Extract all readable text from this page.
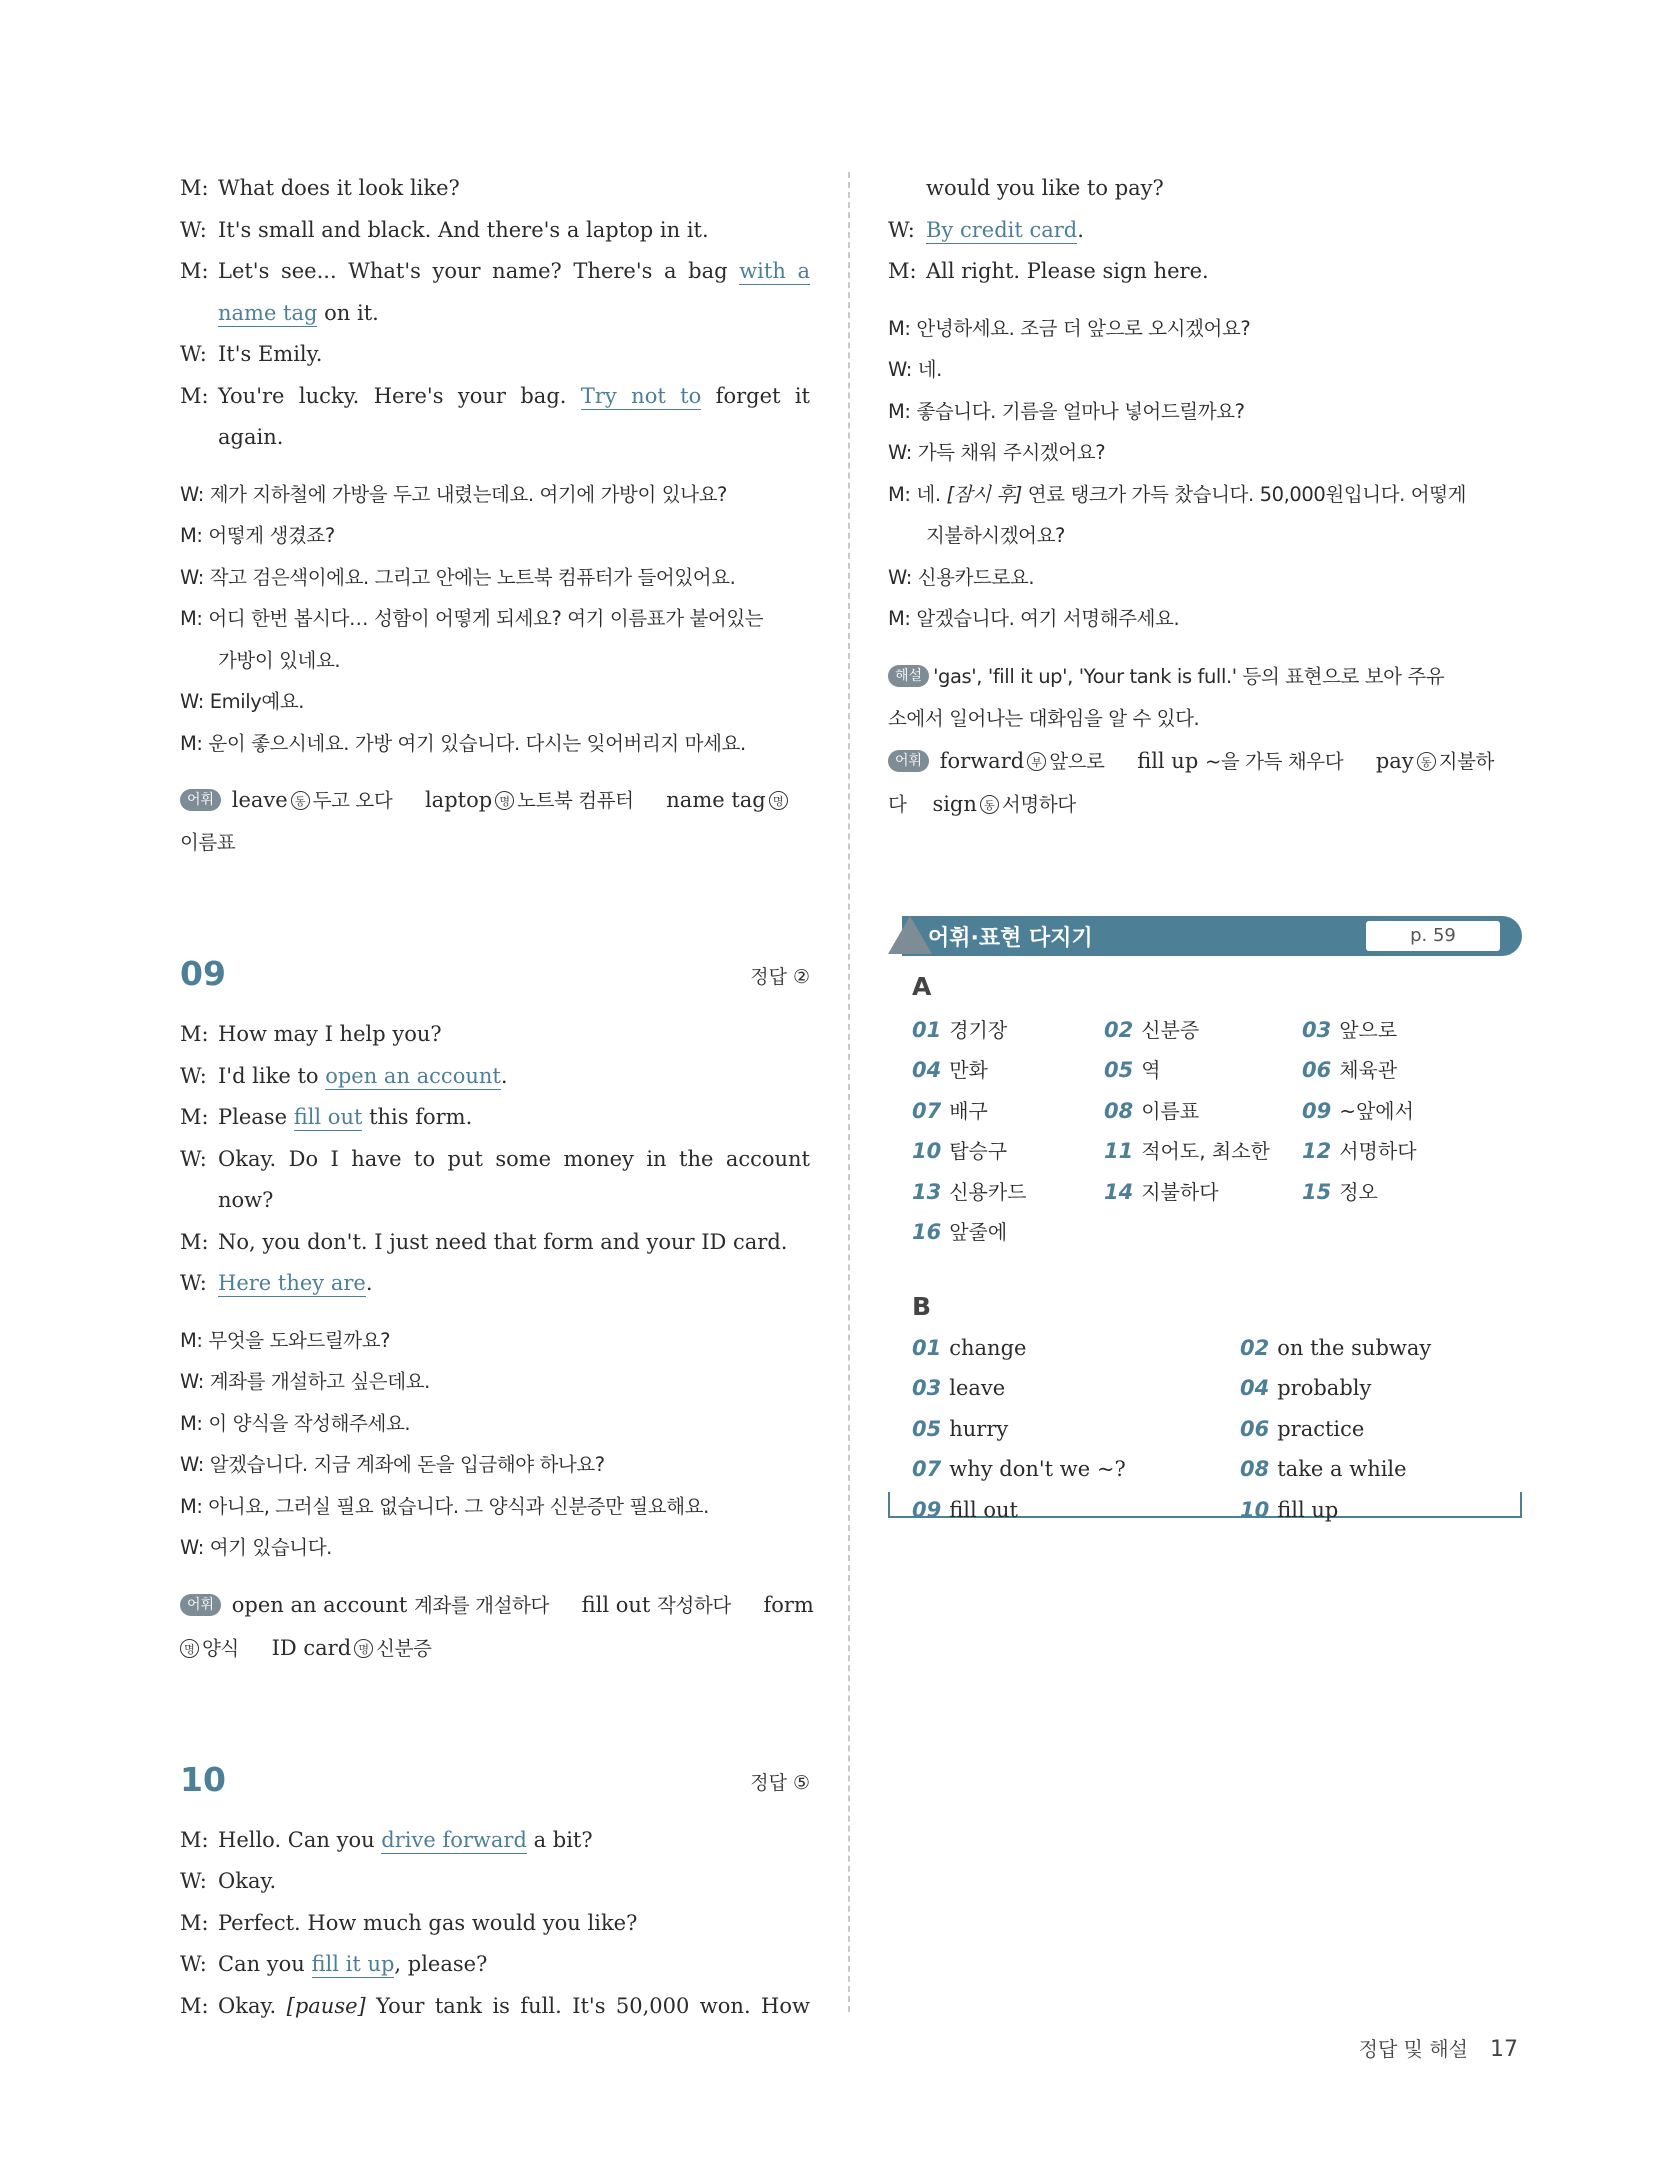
M: What does it look like?
W: It's small and black. And there's a laptop in it.
M: Let's see... What's your name? There's a bag with a
name tag on it.
W: It's Emily.
M: You're lucky. Here's your bag. Try not to forget it
again.
W: 제가 지하철에 가방을 두고 내렸는데요. 여기에 가방이 있나요?
M: 어떻게 생겼죠?
W: 작고 검은색이에요. 그리고 안에는 노트북 컴퓨터가 들어있어요.
M: 어디 한번 봅시다… 성함이 어떻게 되세요? 여기 이름표가 붙어있는
가방이 있네요.
W: Emily예요.
M: 운이 좋으시네요. 가방 여기 있습니다. 다시는 잊어버리지 마세요.
어휘 leave 동 두고 오다 laptop 명 노트북 컴퓨터 name tag 명
이름표
09	정답 ②
M: How may I help you?
W: I'd like to open an account.
M: Please fill out this form.
W: Okay. Do I have to put some money in the account
now?
M: No, you don't. I just need that form and your ID card.
W: Here they are.
M: 무엇을 도와드릴까요?
W: 계좌를 개설하고 싶은데요.
M: 이 양식을 작성해주세요.
W: 알겠습니다. 지금 계좌에 돈을 입금해야 하나요?
M: 아니요, 그러실 필요 없습니다. 그 양식과 신분증만 필요해요.
W: 여기 있습니다.
어휘 open an account 계좌를 개설하다 fill out 작성하다 form
명 양식 ID card 명 신분증
10	정답 ⑤
M: Hello. Can you drive forward a bit?
W: Okay.
M: Perfect. How much gas would you like?
W: Can you fill it up, please?
M: Okay. [pause] Your tank is full. It's 50,000 won. How
would you like to pay?
W: By credit card.
M: All right. Please sign here.
M: 안녕하세요. 조금 더 앞으로 오시겠어요?
W: 네.
M: 좋습니다. 기름을 얼마나 넣어드릴까요?
W: 가득 채워 주시겠어요?
M: 네. [잠시 후] 연료 탱크가 가득 찼습니다. 50,000원입니다. 어떻게
지불하시겠어요?
W: 신용카드로요.
M: 알겠습니다. 여기 서명해주세요.
해설 'gas', 'fill it up', 'Your tank is full.' 등의 표현으로 보아 주유
소에서 일어나는 대화임을 알 수 있다.
어휘 forward 부 앞으로 fill up ~을 가득 채우다 pay 동 지불하
다 sign 동 서명하다
어휘·표현 다지기	p. 59
A
01 경기장	02 신분증	03 앞으로
04 만화	05 역	06 체육관
07 배구	08 이름표	09 ~앞에서
10 탑승구	11 적어도, 최소한 12 서명하다
13 신용카드	14 지불하다	15 정오
16 앞줄에
B
01 change	02 on the subway
03 leave	04 probably
05 hurry	06 practice
07 why don't we ~?	08 take a while
09 fill out	10 fill up
정답 및 해설 17
